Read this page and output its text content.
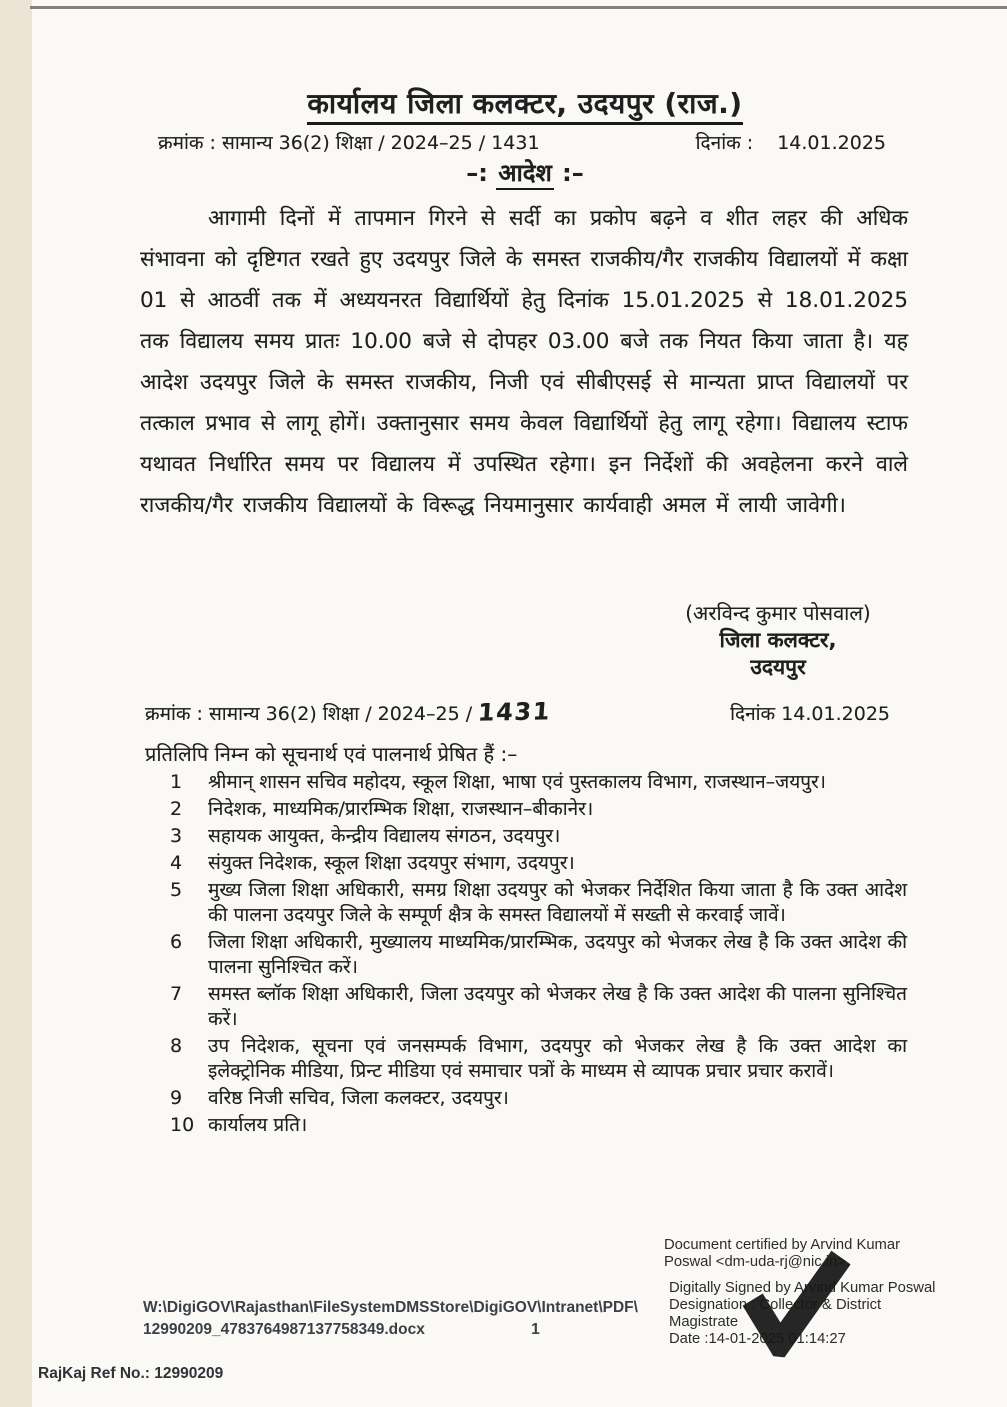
कार्यालय जिला कलक्टर, उदयपुर (राज.)
क्रमांक : सामान्य 36(2) शिक्षा / 2024–25 / 1431	दिनांक : 14.01.2025
–: आदेश :–
आगामी दिनों में तापमान गिरने से सर्दी का प्रकोप बढ़ने व शीत लहर की अधिक संभावना को दृष्टिगत रखते हुए उदयपुर जिले के समस्त राजकीय/गैर राजकीय विद्यालयों में कक्षा 01 से आठवीं तक में अध्ययनरत विद्यार्थियों हेतु दिनांक 15.01.2025 से 18.01.2025 तक विद्यालय समय प्रातः 10.00 बजे से दोपहर 03.00 बजे तक नियत किया जाता है। यह आदेश उदयपुर जिले के समस्त राजकीय, निजी एवं सीबीएसई से मान्यता प्राप्त विद्यालयों पर तत्काल प्रभाव से लागू होगें। उक्तानुसार समय केवल विद्यार्थियों हेतु लागू रहेगा। विद्यालय स्टाफ यथावत निर्धारित समय पर विद्यालय में उपस्थित रहेगा। इन निर्देशों की अवहेलना करने वाले राजकीय/गैर राजकीय विद्यालयों के विरूद्ध नियमानुसार कार्यवाही अमल में लायी जावेगी।
(अरविन्द कुमार पोसवाल)
जिला कलक्टर,
उदयपुर
क्रमांक : सामान्य 36(2) शिक्षा / 2024–25 / 1431	दिनांक 14.01.2025
प्रतिलिपि निम्न को सूचनार्थ एवं पालनार्थ प्रेषित हैं :–
1	श्रीमान् शासन सचिव महोदय, स्कूल शिक्षा, भाषा एवं पुस्तकालय विभाग, राजस्थान–जयपुर।
2	निदेशक, माध्यमिक/प्रारम्भिक शिक्षा, राजस्थान–बीकानेर।
3	सहायक आयुक्त, केन्द्रीय विद्यालय संगठन, उदयपुर।
4	संयुक्त निदेशक, स्कूल शिक्षा उदयपुर संभाग, उदयपुर।
5	मुख्य जिला शिक्षा अधिकारी, समग्र शिक्षा उदयपुर को भेजकर निर्देशित किया जाता है कि उक्त आदेश की पालना उदयपुर जिले के सम्पूर्ण क्षैत्र के समस्त विद्यालयों में सख्ती से करवाई जावें।
6	जिला शिक्षा अधिकारी, मुख्यालय माध्यमिक/प्रारम्भिक, उदयपुर को भेजकर लेख है कि उक्त आदेश की पालना सुनिश्चित करें।
7	समस्त ब्लॉक शिक्षा अधिकारी, जिला उदयपुर को भेजकर लेख है कि उक्त आदेश की पालना सुनिश्चित करें।
8	उप निदेशक, सूचना एवं जनसम्पर्क विभाग, उदयपुर को भेजकर लेख है कि उक्त आदेश का इलेक्ट्रोनिक मीडिया, प्रिन्ट मीडिया एवं समाचार पत्रों के माध्यम से व्यापक प्रचार प्रचार करावें।
9	वरिष्ठ निजी सचिव, जिला कलक्टर, उदयपुर।
10 कार्यालय प्रति।
W:\DigiGOV\Rajasthan\FileSystemDMSStore\DigiGOV\Intranet\PDF\
12990209_4783764987137758349.docx	1
Document certified by Arvind Kumar Poswal <dm-uda-rj@nic.in>.
Digitally Signed by Arvind Kumar Poswal
Designation : Collector & District Magistrate
Date :14-01-2025 01:14:27
RajKaj Ref No.: 12990209
